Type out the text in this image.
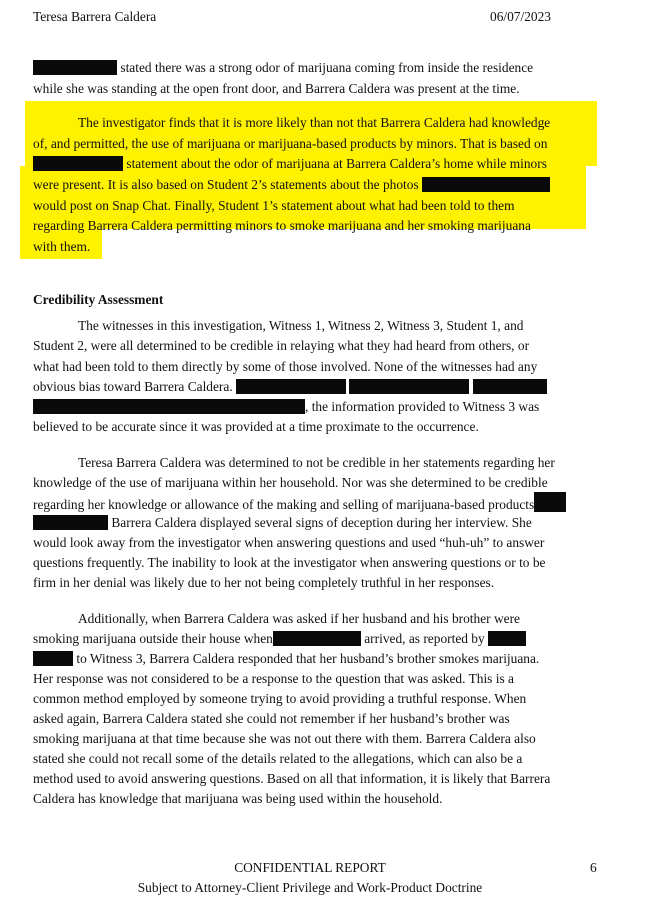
Teresa Barrera Caldera	06/07/2023
stated there was a strong odor of marijuana coming from inside the residence
while she was standing at the open front door, and Barrera Caldera was present at the time.
The investigator finds that it is more likely than not that Barrera Caldera had knowledge
of, and permitted, the use of marijuana or marijuana-based products by minors. That is based on
statement about the odor of marijuana at Barrera Caldera’s home while minors
were present. It is also based on Student 2’s statements about the photos
would post on Snap Chat. Finally, Student 1’s statement about what had been told to them
regarding Barrera Caldera permitting minors to smoke marijuana and her smoking marijuana
with them.
Credibility Assessment
The witnesses in this investigation, Witness 1, Witness 2, Witness 3, Student 1, and
Student 2, were all determined to be credible in relaying what they had heard from others, or
what had been told to them directly by some of those involved. None of the witnesses had any
obvious bias toward Barrera Caldera.
, the information provided to Witness 3 was
believed to be accurate since it was provided at a time proximate to the occurrence.
Teresa Barrera Caldera was determined to not be credible in her statements regarding her
knowledge of the use of marijuana within her household. Nor was she determined to be credible
regarding her knowledge or allowance of the making and selling of marijuana-based products
Barrera Caldera displayed several signs of deception during her interview. She
would look away from the investigator when answering questions and used “huh-uh” to answer
questions frequently. The inability to look at the investigator when answering questions or to be
firm in her denial was likely due to her not being completely truthful in her responses.
Additionally, when Barrera Caldera was asked if her husband and his brother were
smoking marijuana outside their house when	arrived, as reported by
to Witness 3, Barrera Caldera responded that her husband’s brother smokes marijuana.
Her response was not considered to be a response to the question that was asked. This is a
common method employed by someone trying to avoid providing a truthful response. When
asked again, Barrera Caldera stated she could not remember if her husband’s brother was
smoking marijuana at that time because she was not out there with them. Barrera Caldera also
stated she could not recall some of the details related to the allegations, which can also be a
method used to avoid answering questions. Based on all that information, it is likely that Barrera
Caldera has knowledge that marijuana was being used within the household.
CONFIDENTIAL REPORT
Subject to Attorney-Client Privilege and Work-Product Doctrine
6
